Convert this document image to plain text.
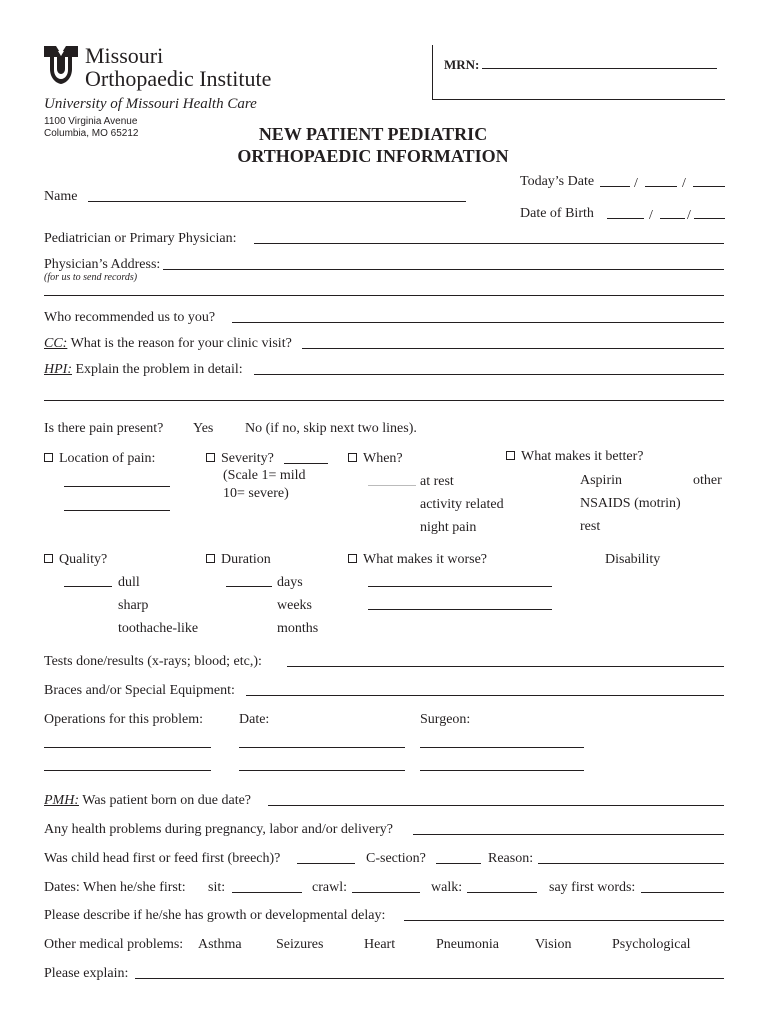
Missouri
Orthopaedic Institute
University of Missouri Health Care
1100 Virginia Avenue
Columbia, MO 65212
MRN:
NEW PATIENT PEDIATRIC
ORTHOPAEDIC INFORMATION
Today’s Date	/	/
Name
Date of Birth	/ /
Pediatrician or Primary Physician:
Physician’s Address:
(for us to send records)
Who recommended us to you?
CC: What is the reason for your clinic visit?
HPI: Explain the problem in detail:
Is there pain present? Yes No (if no, skip next two lines).
Location of pain:	Severity?
(Scale 1= mild
10= severe)
When?
at rest
activity related
night pain
What makes it better?
Aspirin	other
NSAIDS (motrin)
rest
Quality?
dull
sharp
toothache-like
Duration
days
weeks
months
What makes it worse?	Disability
Tests done/results (x-rays; blood; etc,):
Braces and/or Special Equipment:
Operations for this problem:	Date:	Surgeon:
PMH: Was patient born on due date?
Any health problems during pregnancy, labor and/or delivery?
Was child head first or feed first (breech)?	C-section?	Reason:
Dates: When he/she first: sit:	crawl:	walk:	say first words:
Please describe if he/she has growth or developmental delay:
Other medical problems: Asthma Seizures	Heart	Pneumonia	Vision	Psychological
Please explain:
